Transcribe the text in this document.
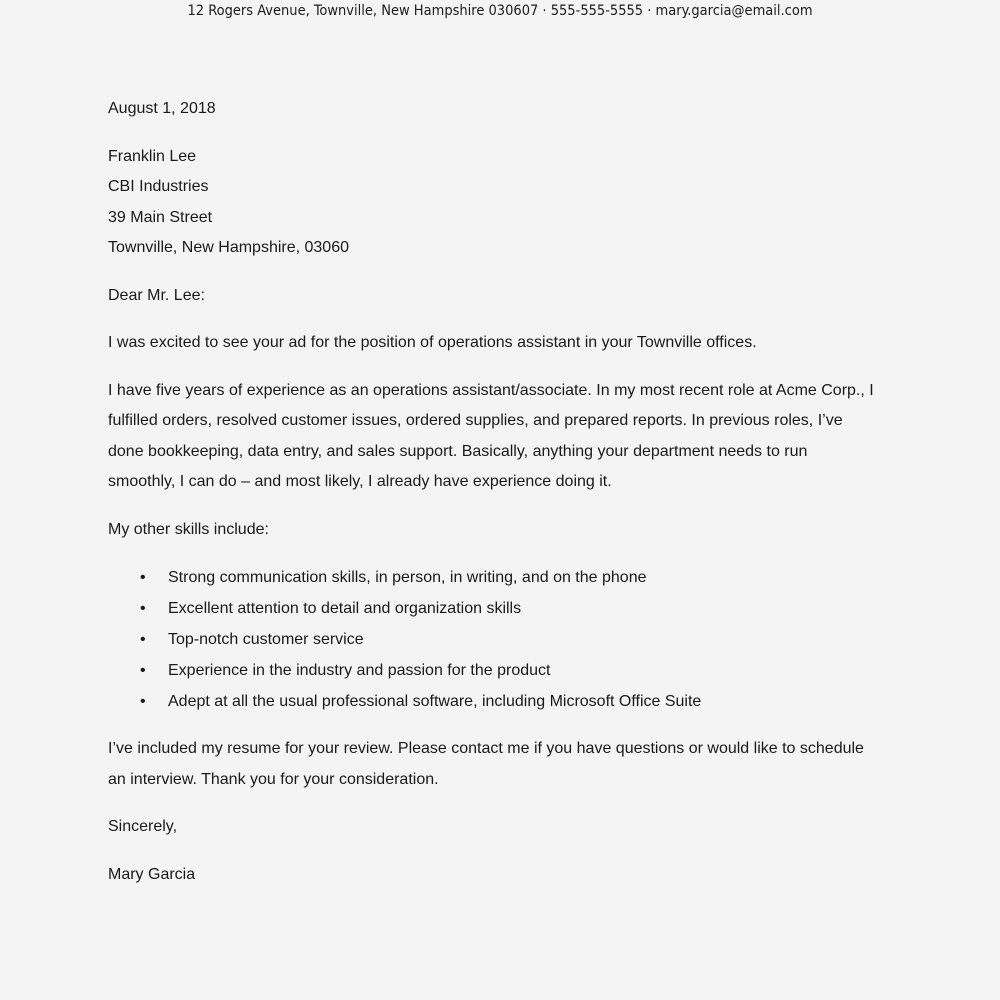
12 Rogers Avenue, Townville, New Hampshire 030607 · 555-555-5555 · mary.garcia@email.com
August 1, 2018
Franklin Lee
CBI Industries
39 Main Street
Townville, New Hampshire, 03060

Dear Mr. Lee:

I was excited to see your ad for the position of operations assistant in your Townville offices.

I have five years of experience as an operations assistant/associate. In my most recent role at Acme Corp., I fulfilled orders, resolved customer issues, ordered supplies, and prepared reports. In previous roles, I’ve done bookkeeping, data entry, and sales support. Basically, anything your department needs to run smoothly, I can do – and most likely, I already have experience doing it.

My other skills include:

• Strong communication skills, in person, in writing, and on the phone
• Excellent attention to detail and organization skills
• Top-notch customer service
• Experience in the industry and passion for the product
• Adept at all the usual professional software, including Microsoft Office Suite

I’ve included my resume for your review. Please contact me if you have questions or would like to schedule an interview. Thank you for your consideration.

Sincerely,
Mary Garcia
